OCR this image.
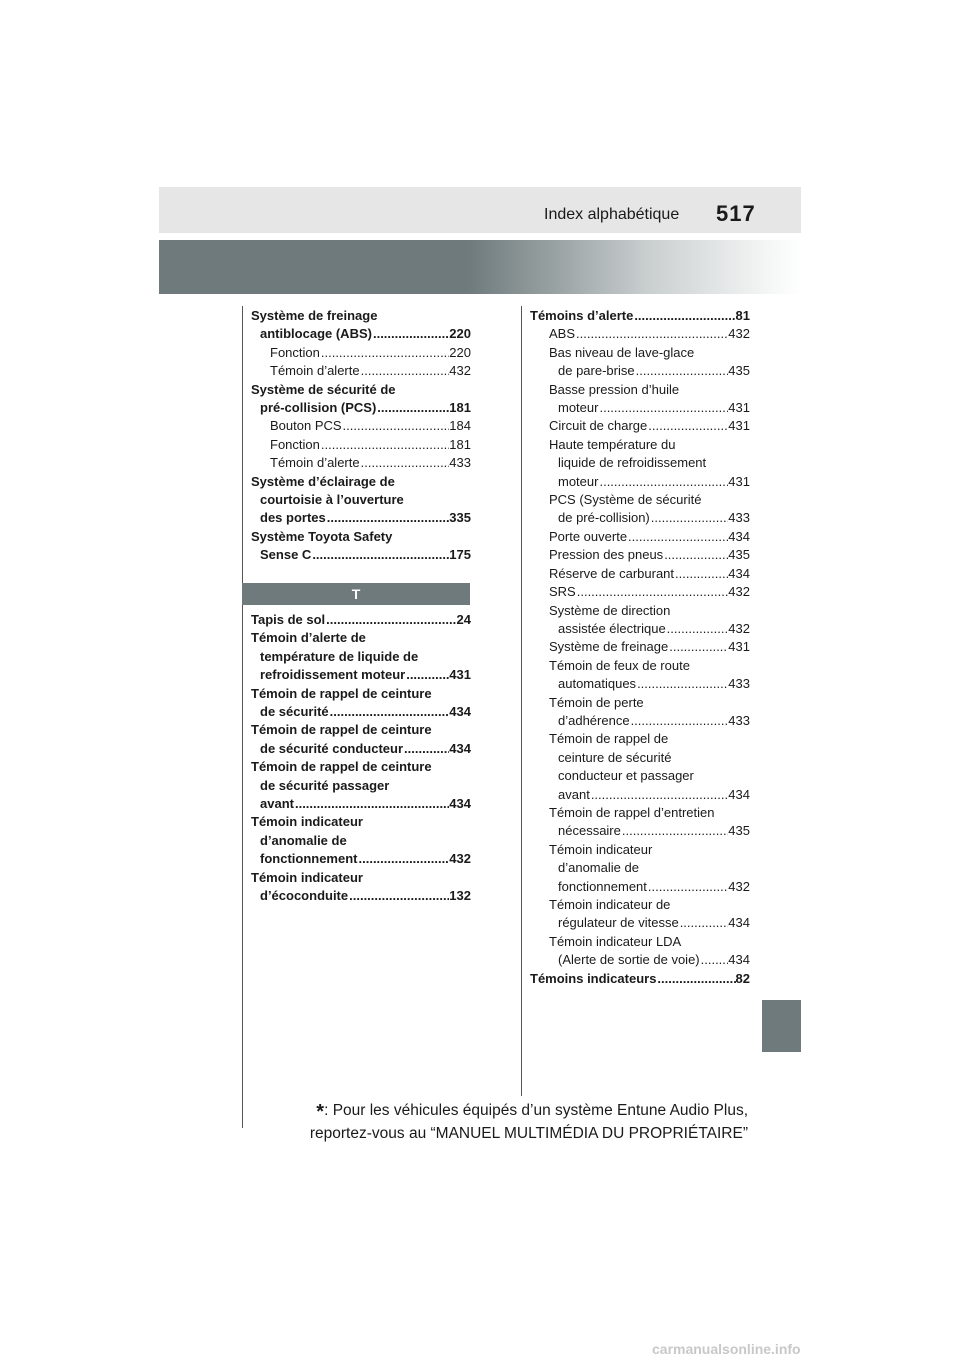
Index alphabétique 517
Système de freinage
antiblocage (ABS) .....	220
Fonction .....	220
Témoin d’alerte .....	432
Système de sécurité de
pré-collision (PCS) .....	181
Bouton PCS .....	184
Fonction .....	181
Témoin d’alerte .....	433
Système d’éclairage de
courtoisie à l’ouverture
des portes .....	335
Système Toyota Safety
Sense C .....	175
T
Tapis de sol .....	24
Témoin d’alerte de
température de liquide de
refroidissement moteur .....	431
Témoin de rappel de ceinture
de sécurité .....	434
Témoin de rappel de ceinture
de sécurité conducteur .....	434
Témoin de rappel de ceinture
de sécurité passager
avant .....	434
Témoin indicateur
d’anomalie de
fonctionnement .....	432
Témoin indicateur
d’écoconduite .....	132
Témoins d’alerte .....	81
ABS .....	432
Bas niveau de lave-glace
de pare-brise .....	435
Basse pression d’huile
moteur .....	431
Circuit de charge .....	431
Haute température du
liquide de refroidissement
moteur .....	431
PCS (Système de sécurité
de pré-collision) .....	433
Porte ouverte .....	434
Pression des pneus .....	435
Réserve de carburant .....	434
SRS .....	432
Système de direction
assistée électrique .....	432
Système de freinage .....	431
Témoin de feux de route
automatiques .....	433
Témoin de perte
d’adhérence .....	433
Témoin de rappel de
ceinture de sécurité
conducteur et passager
avant .....	434
Témoin de rappel d’entretien
nécessaire .....	435
Témoin indicateur
d’anomalie de
fonctionnement .....	432
Témoin indicateur de
régulateur de vitesse .....	434
Témoin indicateur LDA
(Alerte de sortie de voie) ..... 434
Témoins indicateurs .....	82
*: Pour les véhicules équipés d’un système Entune Audio Plus,
reportez-vous au “MANUEL MULTIMÉDIA DU PROPRIÉTAIRE”
carmanualsonline.info
